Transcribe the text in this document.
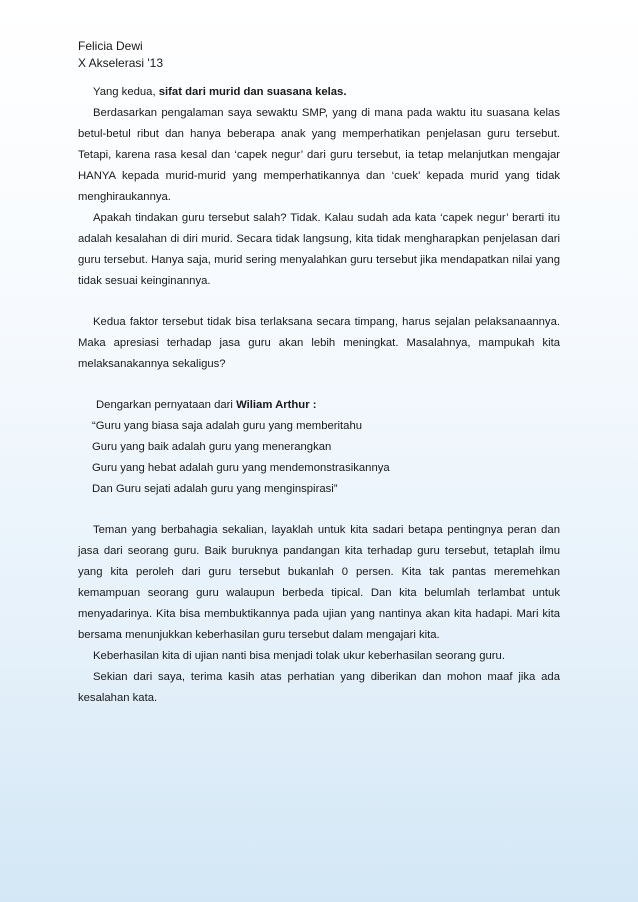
Felicia Dewi
X Akselerasi '13

Yang kedua, sifat dari murid dan suasana kelas.

Berdasarkan pengalaman saya sewaktu SMP, yang di mana pada waktu itu suasana kelas betul-betul ribut dan hanya beberapa anak yang memperhatikan penjelasan guru tersebut. Tetapi, karena rasa kesal dan ‘capek negur’ dari guru tersebut, ia tetap melanjutkan mengajar HANYA kepada murid-murid yang memperhatikannya dan ‘cuek’ kepada murid yang tidak menghiraukannya.

Apakah tindakan guru tersebut salah? Tidak. Kalau sudah ada kata ‘capek negur’ berarti itu adalah kesalahan di diri murid. Secara tidak langsung, kita tidak mengharapkan penjelasan dari guru tersebut. Hanya saja, murid sering menyalahkan guru tersebut jika mendapatkan nilai yang tidak sesuai keinginannya.

Kedua faktor tersebut tidak bisa terlaksana secara timpang, harus sejalan pelaksanaannya. Maka apresiasi terhadap jasa guru akan lebih meningkat. Masalahnya, mampukah kita melaksanakannya sekaligus?

Dengarkan pernyataan dari Wiliam Arthur :

“Guru yang biasa saja adalah guru yang memberitahu

Guru yang baik adalah guru yang menerangkan

Guru yang hebat adalah guru yang mendemonstrasikannya

Dan Guru sejati adalah guru yang menginspirasi”

Teman yang berbahagia sekalian, layaklah untuk kita sadari betapa pentingnya peran dan jasa dari seorang guru. Baik buruknya pandangan kita terhadap guru tersebut, tetaplah ilmu yang kita peroleh dari guru tersebut bukanlah 0 persen. Kita tak pantas meremehkan kemampuan seorang guru walaupun berbeda tipical. Dan kita belumlah terlambat untuk menyadarinya. Kita bisa membuktikannya pada ujian yang nantinya akan kita hadapi. Mari kita bersama menunjukkan keberhasilan guru tersebut dalam mengajari kita.

Keberhasilan kita di ujian nanti bisa menjadi tolak ukur keberhasilan seorang guru.

Sekian dari saya, terima kasih atas perhatian yang diberikan dan mohon maaf jika ada kesalahan kata.
